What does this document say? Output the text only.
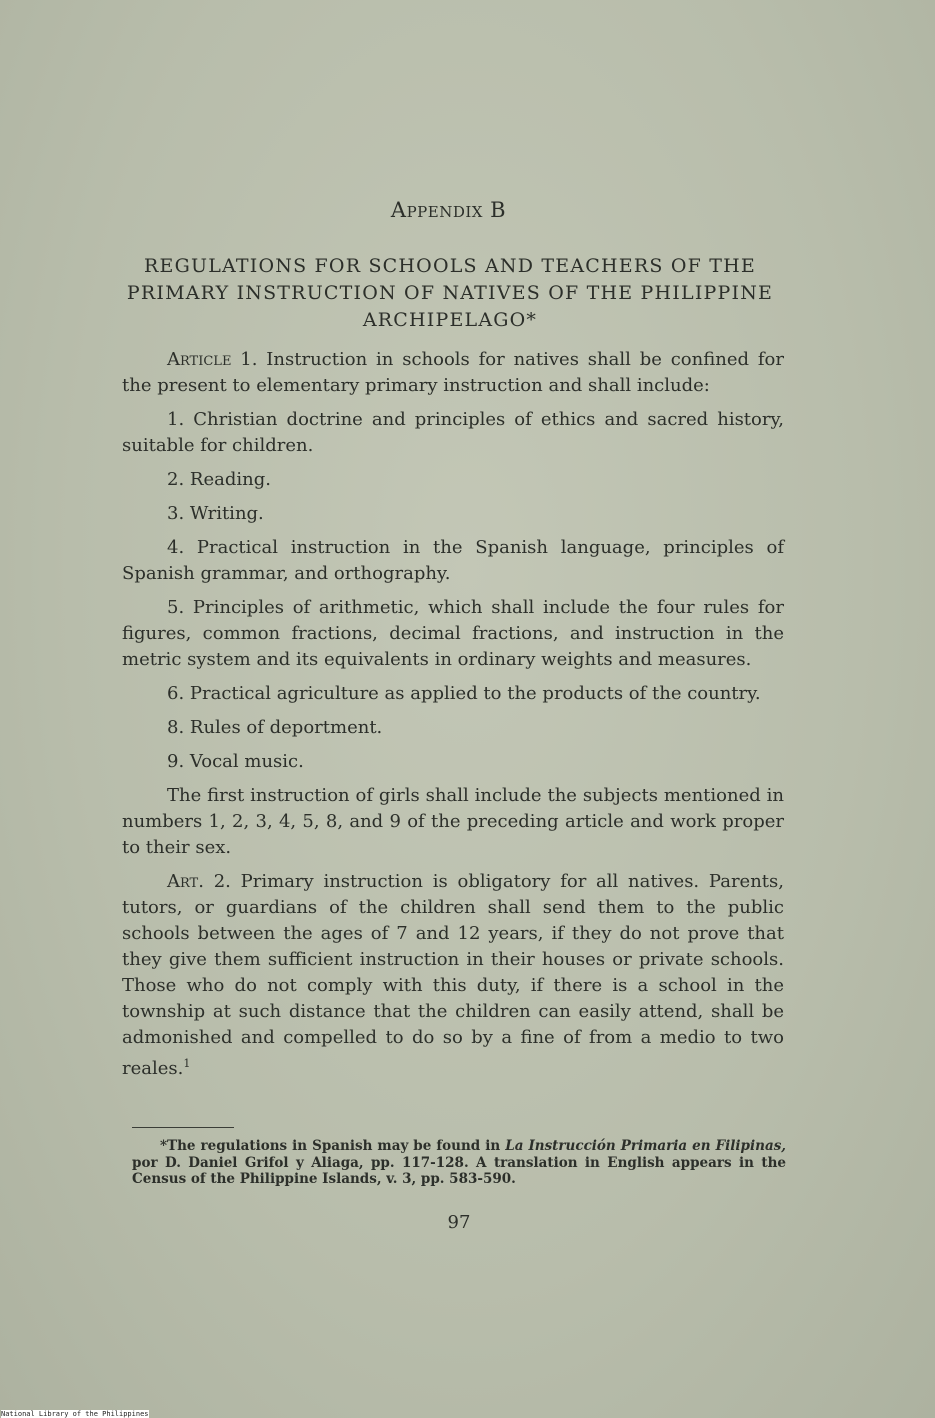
Appendix B
REGULATIONS FOR SCHOOLS AND TEACHERS OF THE PRIMARY INSTRUCTION OF NATIVES OF THE PHILIPPINE ARCHIPELAGO*

Article 1. Instruction in schools for natives shall be confined for the present to elementary primary instruction and shall include:

1. Christian doctrine and principles of ethics and sacred history, suitable for children.

2. Reading.

3. Writing.

4. Practical instruction in the Spanish language, principles of Spanish grammar, and orthography.

5. Principles of arithmetic, which shall include the four rules for figures, common fractions, decimal fractions, and instruction in the metric system and its equivalents in ordinary weights and measures.

6. Practical agriculture as applied to the products of the country.

8. Rules of deportment.

9. Vocal music.

The first instruction of girls shall include the subjects mentioned in numbers 1, 2, 3, 4, 5, 8, and 9 of the preceding article and work proper to their sex.

Art. 2. Primary instruction is obligatory for all natives. Parents, tutors, or guardians of the children shall send them to the public schools between the ages of 7 and 12 years, if they do not prove that they give them sufficient instruction in their houses or private schools. Those who do not comply with this duty, if there is a school in the township at such distance that the children can easily attend, shall be admonished and compelled to do so by a fine of from a medio to two reales.$^1$

*The regulations in Spanish may be found in La Instrucción Primaria en Filipinas, por D. Daniel Grifol y Aliaga, pp. 117-128. A translation in English appears in the Census of the Philippine Islands, v. 3, pp. 583-590.
97
National Library of the Philippines
